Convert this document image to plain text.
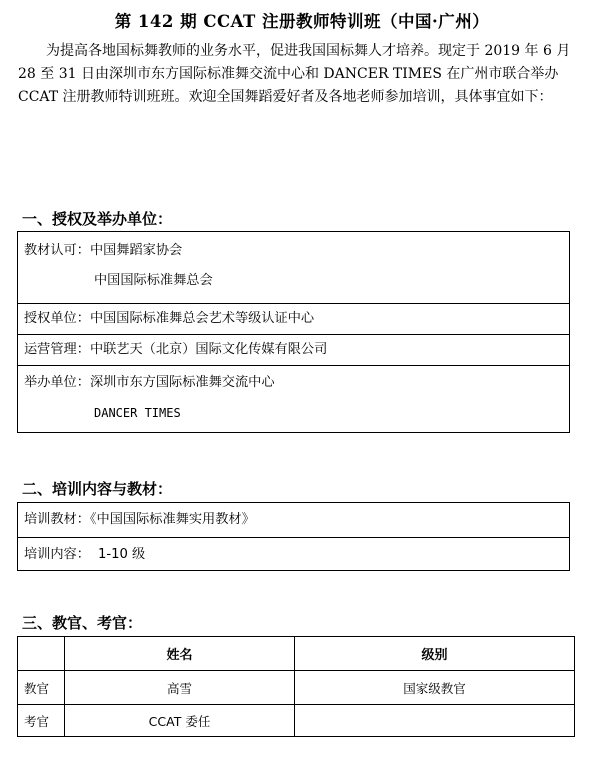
第 142 期 CCAT 注册教师特训班（中国·广州）
为提高各地国标舞教师的业务水平，促进我国国标舞人才培养。现定于 2019 年 6 月 28 至 31 日由深圳市东方国际标准舞交流中心和 DANCER TIMES 在广州市联合举办 CCAT 注册教师特训班班。欢迎全国舞蹈爱好者及各地老师参加培训，具体事宜如下：
一、授权及举办单位：
教材认可：中国舞蹈家协会
中国国际标准舞总会
授权单位：中国国际标准舞总会艺术等级认证中心
运营管理：中联艺天（北京）国际文化传媒有限公司
举办单位：深圳市东方国际标准舞交流中心
DANCER TIMES
二、培训内容与教材：
培训教材：《中国国际标准舞实用教材》
培训内容： 1-10 级
三、教官、考官：
	姓名	级别
教官	高雪	国家级教官
考官	CCAT 委任	
